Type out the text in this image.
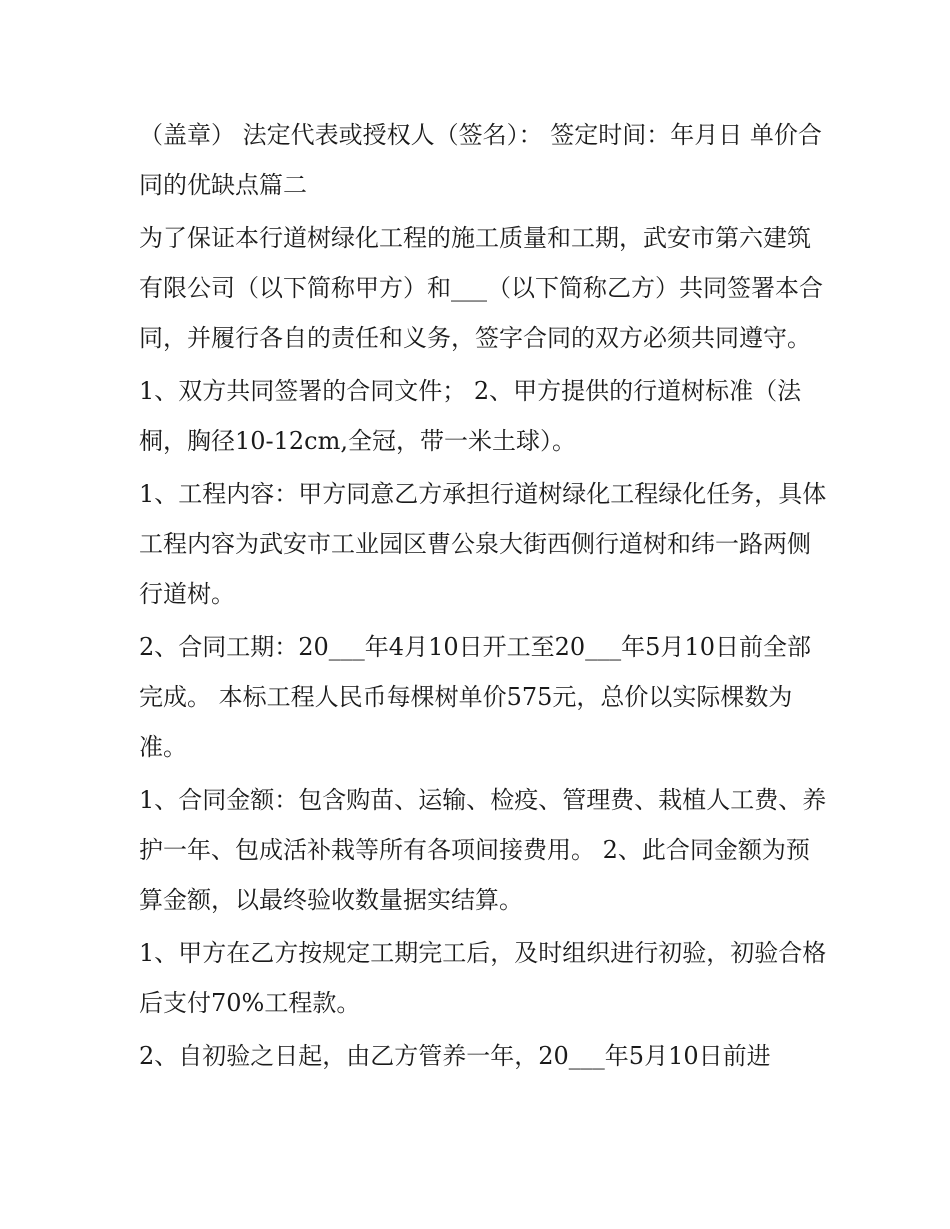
（盖章） 法定代表或授权人（签名）： 签定时间：年月日 单价合同的优缺点篇二

为了保证本行道树绿化工程的施工质量和工期，武安市第六建筑有限公司（以下简称甲方）和___（以下简称乙方）共同签署本合同，并履行各自的责任和义务，签字合同的双方必须共同遵守。

1、双方共同签署的合同文件； 2、甲方提供的行道树标准（法桐，胸径10-12cm,全冠，带一米土球）。

1、工程内容：甲方同意乙方承担行道树绿化工程绿化任务，具体工程内容为武安市工业园区曹公泉大街西侧行道树和纬一路两侧行道树。

2、合同工期：20___年4月10日开工至20___年5月10日前全部完成。 本标工程人民币每棵树单价575元，总价以实际棵数为准。

1、合同金额：包含购苗、运输、检疫、管理费、栽植人工费、养护一年、包成活补栽等所有各项间接费用。 2、此合同金额为预算金额，以最终验收数量据实结算。

1、甲方在乙方按规定工期完工后，及时组织进行初验，初验合格后支付70%工程款。

2、自初验之日起，由乙方管养一年，20___年5月10日前进
